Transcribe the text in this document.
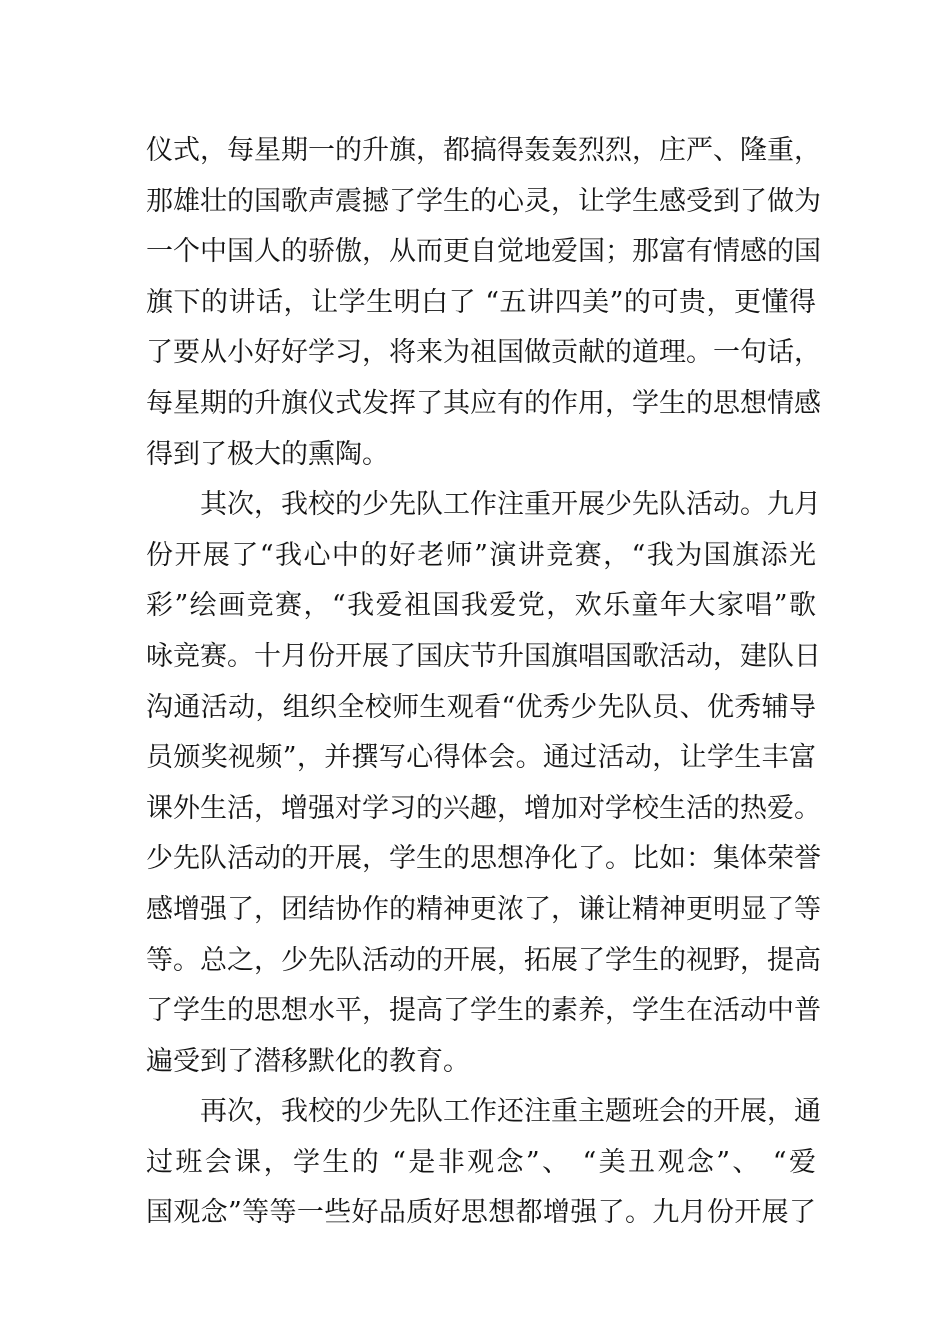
仪式，每星期一的升旗，都搞得轰轰烈烈，庄严、隆重，
那雄壮的国歌声震撼了学生的心灵，让学生感受到了做为
一个中国人的骄傲，从而更自觉地爱国；那富有情感的国
旗下的讲话，让学生明白了 “五讲四美”的可贵，更懂得
了要从小好好学习，将来为祖国做贡献的道理。一句话，
每星期的升旗仪式发挥了其应有的作用，学生的思想情感
得到了极大的熏陶。
其次，我校的少先队工作注重开展少先队活动。九月
份开展了“我心中的好老师”演讲竞赛，“我为国旗添光
彩”绘画竞赛，“我爱祖国我爱党，欢乐童年大家唱”歌
咏竞赛。十月份开展了国庆节升国旗唱国歌活动，建队日
沟通活动，组织全校师生观看“优秀少先队员、优秀辅导
员颁奖视频”，并撰写心得体会。通过活动，让学生丰富
课外生活，增强对学习的兴趣，增加对学校生活的热爱。
少先队活动的开展，学生的思想净化了。比如：集体荣誉
感增强了，团结协作的精神更浓了，谦让精神更明显了等
等。总之，少先队活动的开展，拓展了学生的视野，提高
了学生的思想水平，提高了学生的素养，学生在活动中普
遍受到了潜移默化的教育。
再次，我校的少先队工作还注重主题班会的开展，通
过班会课，学生的 “是非观念”、 “美丑观念”、 “爱
国观念”等等一些好品质好思想都增强了。九月份开展了
